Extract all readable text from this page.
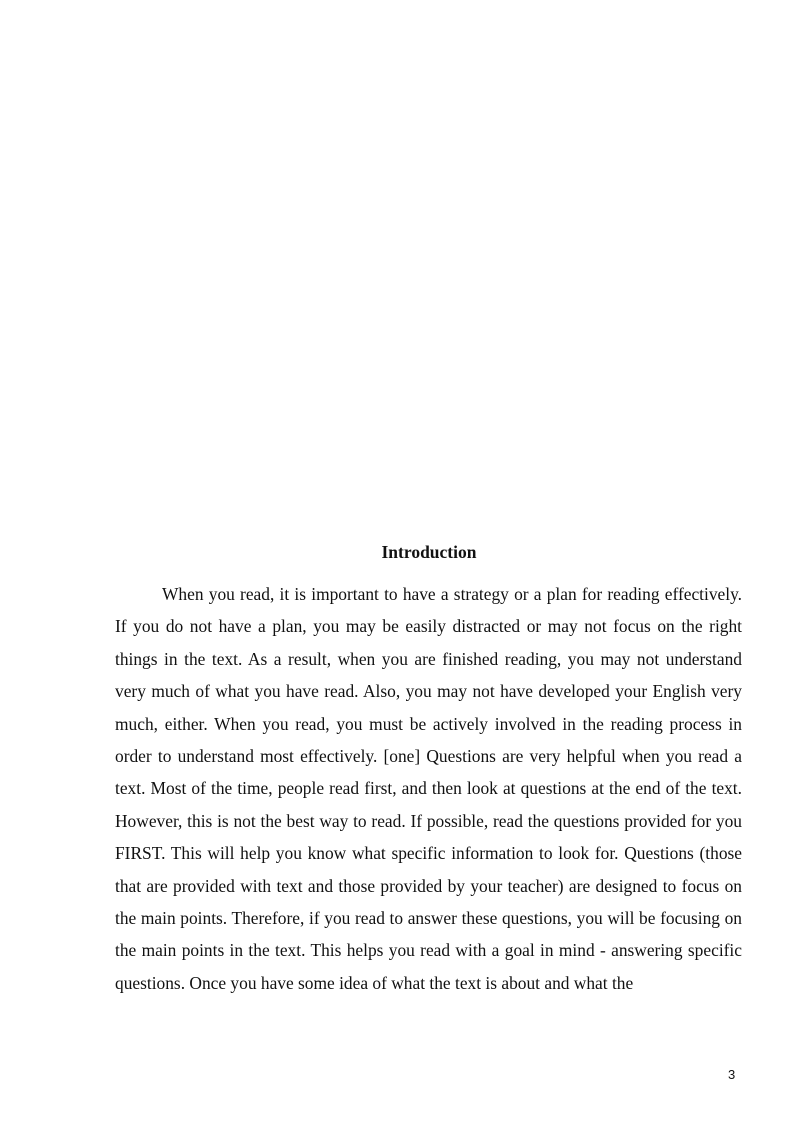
Introduction

When you read, it is important to have a strategy or a plan for reading effectively. If you do not have a plan, you may be easily distracted or may not focus on the right things in the text. As a result, when you are finished reading, you may not understand very much of what you have read. Also, you may not have developed your English very much, either. When you read, you must be actively involved in the reading process in order to understand most effectively. [one] Questions are very helpful when you read a text. Most of the time, people read first, and then look at questions at the end of the text. However, this is not the best way to read. If possible, read the questions provided for you FIRST. This will help you know what specific information to look for. Questions (those that are provided with text and those provided by your teacher) are designed to focus on the main points. Therefore, if you read to answer these questions, you will be focusing on the main points in the text. This helps you read with a goal in mind - answering specific questions. Once you have some idea of what the text is about and what the

3
